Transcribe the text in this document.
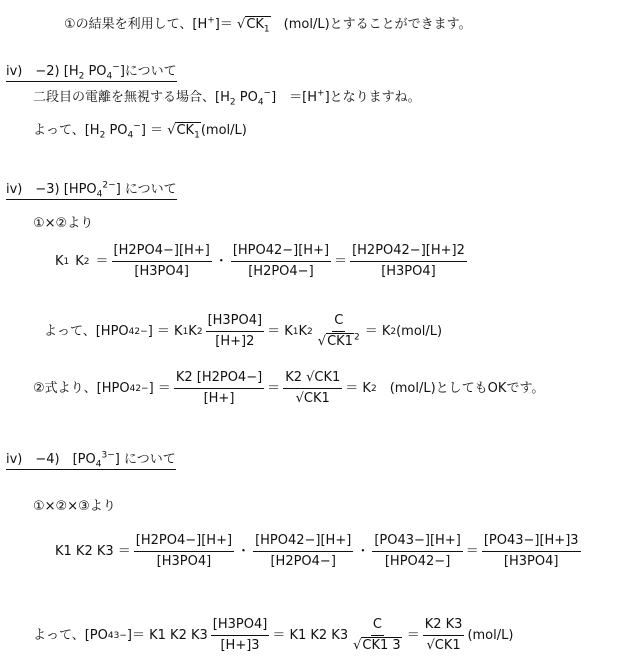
①の結果を利用して、$[H^+]= √CK_1$　(mol/L)とすることができます。
iv)　−2) [$H_2$ $PO_4^-$]について
二段目の電離を無視する場合、[$H_2$ $PO_4^-$]　＝[H+]となりますね。
よって、[$H_2$ $PO_4^-] = √CK_1(mol/L)$
iv)　−3) $[HPO_4^{2-}]$ について
①×②より
K 1 K $2 = \frac{[H2PO4-][H+]}{[H3PO4]}$ ・ $\frac{\text{[HPO42−][H+]}}{[H2PO4-]} = \frac{[H2PO42-][H+]2}{[H3PO4]}$
よって、[HPO 4 2− ] ＝ K 1 K $2 \frac{[H3PO4]}{[H+]2} = K$ 1 K $2 \frac{C}{√CK1^2} = K$ 2 (mol/L)
②式より、[HPO 4 2− ] ＝ $\frac{K2 [H2PO4-]}{[H+]} = \frac{K2 √CK1}{√CK1} = K$ 2 　(mol/L)としてもOKです。
iv)　−4)　$[PO_4^{3-}]$ について
①×②×③より
K1 K2 $K3 = \frac{[H2PO4-][H+]}{[H3PO4]}$ ・ $\frac{\text{[HPO42−][H+]}}{[H2PO4-]}$ ・ $\frac{[PO43-][H+]}{\text{[HPO42−]}} = \frac{[PO43-][H+]3}{[H3PO4]}$
よって、[PO 4 3− ]＝ K1 K2 $K3 \frac{[H3PO4]}{[H+]3} = K1$ K2 $K3 \frac{C}{√CK1 3} = \frac{K2 K3}{√CK1} (mol/L)$
